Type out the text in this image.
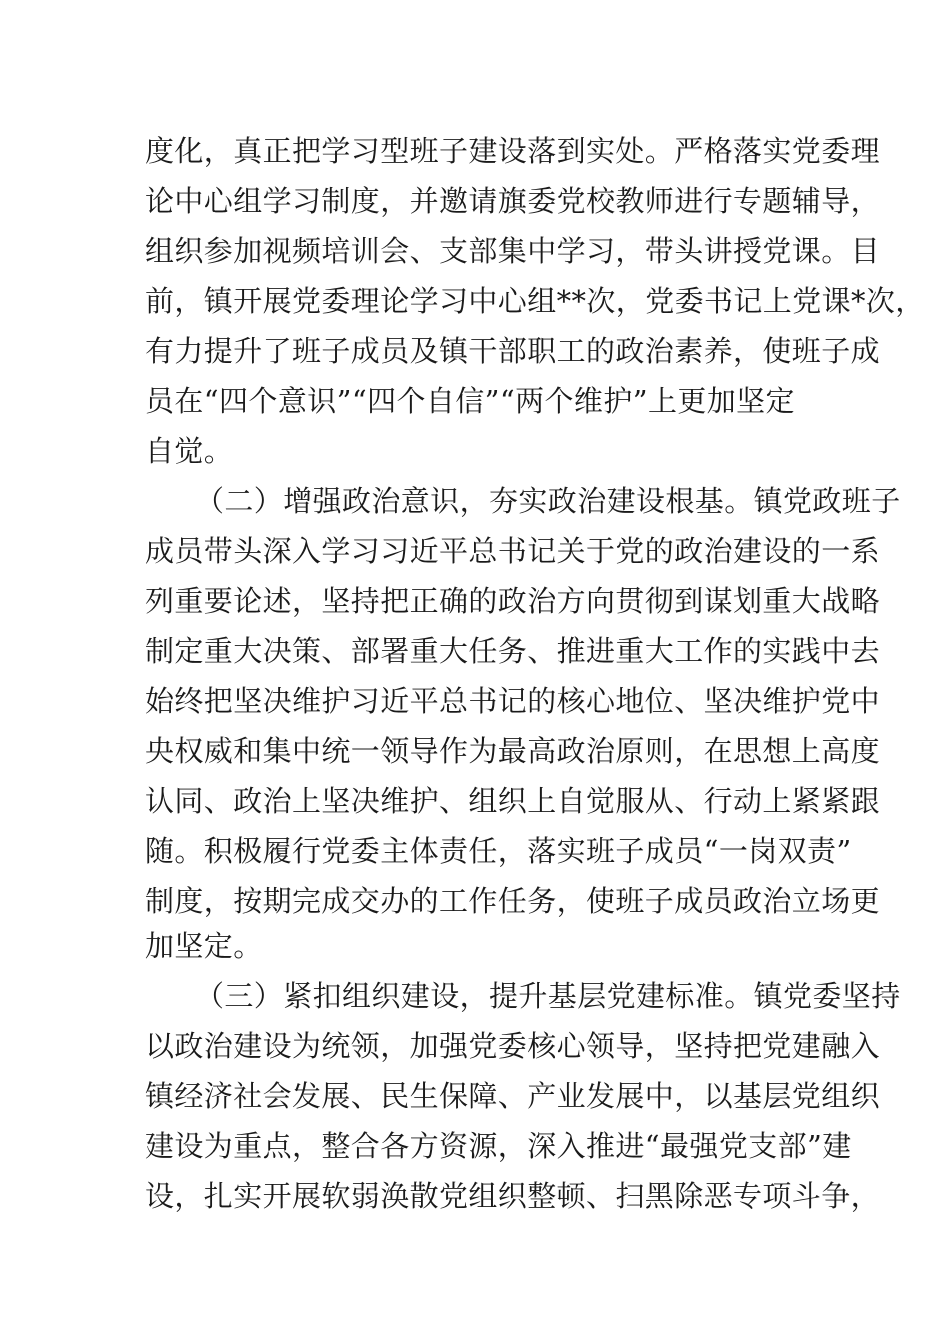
度化，真正把学习型班子建设落到实处。严格落实党委理
论中心组学习制度，并邀请旗委党校教师进行专题辅导，
组织参加视频培训会、支部集中学习，带头讲授党课。目
前，镇开展党委理论学习中心组**次，党委书记上党课*次，
有力提升了班子成员及镇干部职工的政治素养，使班子成
员在“四个意识”“四个自信”“两个维护”上更加坚定
自觉。
（二）增强政治意识，夯实政治建设根基。镇党政班子
成员带头深入学习习近平总书记关于党的政治建设的一系
列重要论述，坚持把正确的政治方向贯彻到谋划重大战略
制定重大决策、部署重大任务、推进重大工作的实践中去
始终把坚决维护习近平总书记的核心地位、坚决维护党中
央权威和集中统一领导作为最高政治原则，在思想上高度
认同、政治上坚决维护、组织上自觉服从、行动上紧紧跟
随。积极履行党委主体责任，落实班子成员“一岗双责”
制度，按期完成交办的工作任务，使班子成员政治立场更
加坚定。
（三）紧扣组织建设，提升基层党建标准。镇党委坚持
以政治建设为统领，加强党委核心领导，坚持把党建融入
镇经济社会发展、民生保障、产业发展中，以基层党组织
建设为重点，整合各方资源，深入推进“最强党支部”建
设，扎实开展软弱涣散党组织整顿、扫黑除恶专项斗争，
